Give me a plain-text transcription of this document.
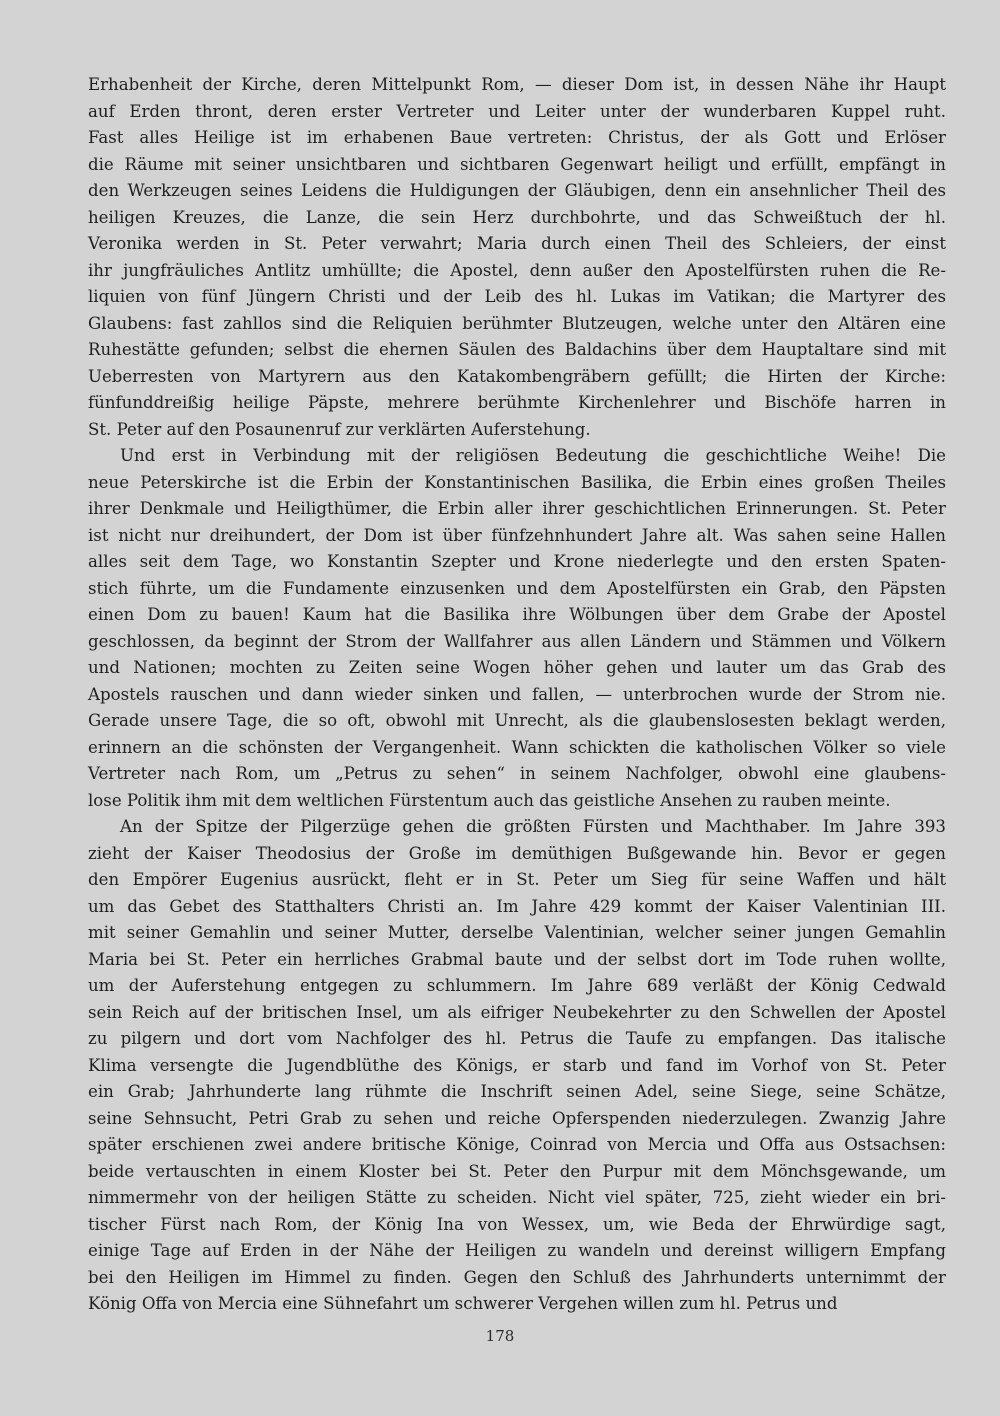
Erhabenheit der Kirche, deren Mittelpunkt Rom, — dieser Dom ist, in dessen Nähe ihr Haupt
auf Erden thront, deren erster Vertreter und Leiter unter der wunderbaren Kuppel ruht.
Fast alles Heilige ist im erhabenen Baue vertreten: Christus, der als Gott und Erlöser
die Räume mit seiner unsichtbaren und sichtbaren Gegenwart heiligt und erfüllt, empfängt in
den Werkzeugen seines Leidens die Huldigungen der Gläubigen, denn ein ansehnlicher Theil des
heiligen Kreuzes, die Lanze, die sein Herz durchbohrte, und das Schweißtuch der hl.
Veronika werden in St. Peter verwahrt; Maria durch einen Theil des Schleiers, der einst
ihr jungfräuliches Antlitz umhüllte; die Apostel, denn außer den Apostelfürsten ruhen die Re-
liquien von fünf Jüngern Christi und der Leib des hl. Lukas im Vatikan; die Martyrer des
Glaubens: fast zahllos sind die Reliquien berühmter Blutzeugen, welche unter den Altären eine
Ruhestätte gefunden; selbst die ehernen Säulen des Baldachins über dem Hauptaltare sind mit
Ueberresten von Martyrern aus den Katakombengräbern gefüllt; die Hirten der Kirche:
fünfunddreißig heilige Päpste, mehrere berühmte Kirchenlehrer und Bischöfe harren in
St. Peter auf den Posaunenruf zur verklärten Auferstehung.
Und erst in Verbindung mit der religiösen Bedeutung die geschichtliche Weihe! Die
neue Peterskirche ist die Erbin der Konstantinischen Basilika, die Erbin eines großen Theiles
ihrer Denkmale und Heiligthümer, die Erbin aller ihrer geschichtlichen Erinnerungen. St. Peter
ist nicht nur dreihundert, der Dom ist über fünfzehnhundert Jahre alt. Was sahen seine Hallen
alles seit dem Tage, wo Konstantin Szepter und Krone niederlegte und den ersten Spaten-
stich führte, um die Fundamente einzusenken und dem Apostelfürsten ein Grab, den Päpsten
einen Dom zu bauen! Kaum hat die Basilika ihre Wölbungen über dem Grabe der Apostel
geschlossen, da beginnt der Strom der Wallfahrer aus allen Ländern und Stämmen und Völkern
und Nationen; mochten zu Zeiten seine Wogen höher gehen und lauter um das Grab des
Apostels rauschen und dann wieder sinken und fallen, — unterbrochen wurde der Strom nie.
Gerade unsere Tage, die so oft, obwohl mit Unrecht, als die glaubenslosesten beklagt werden,
erinnern an die schönsten der Vergangenheit. Wann schickten die katholischen Völker so viele
Vertreter nach Rom, um „Petrus zu sehen“ in seinem Nachfolger, obwohl eine glaubens-
lose Politik ihm mit dem weltlichen Fürstentum auch das geistliche Ansehen zu rauben meinte.
An der Spitze der Pilgerzüge gehen die größten Fürsten und Machthaber. Im Jahre 393
zieht der Kaiser Theodosius der Große im demüthigen Bußgewande hin. Bevor er gegen
den Empörer Eugenius ausrückt, fleht er in St. Peter um Sieg für seine Waffen und hält
um das Gebet des Statthalters Christi an. Im Jahre 429 kommt der Kaiser Valentinian III.
mit seiner Gemahlin und seiner Mutter, derselbe Valentinian, welcher seiner jungen Gemahlin
Maria bei St. Peter ein herrliches Grabmal baute und der selbst dort im Tode ruhen wollte,
um der Auferstehung entgegen zu schlummern. Im Jahre 689 verläßt der König Cedwald
sein Reich auf der britischen Insel, um als eifriger Neubekehrter zu den Schwellen der Apostel
zu pilgern und dort vom Nachfolger des hl. Petrus die Taufe zu empfangen. Das italische
Klima versengte die Jugendblüthe des Königs, er starb und fand im Vorhof von St. Peter
ein Grab; Jahrhunderte lang rühmte die Inschrift seinen Adel, seine Siege, seine Schätze,
seine Sehnsucht, Petri Grab zu sehen und reiche Opferspenden niederzulegen. Zwanzig Jahre
später erschienen zwei andere britische Könige, Coinrad von Mercia und Offa aus Ostsachsen:
beide vertauschten in einem Kloster bei St. Peter den Purpur mit dem Mönchsgewande, um
nimmermehr von der heiligen Stätte zu scheiden. Nicht viel später, 725, zieht wieder ein bri-
tischer Fürst nach Rom, der König Ina von Wessex, um, wie Beda der Ehrwürdige sagt,
einige Tage auf Erden in der Nähe der Heiligen zu wandeln und dereinst willigern Empfang
bei den Heiligen im Himmel zu finden. Gegen den Schluß des Jahrhunderts unternimmt der
König Offa von Mercia eine Sühnefahrt um schwerer Vergehen willen zum hl. Petrus und
178
